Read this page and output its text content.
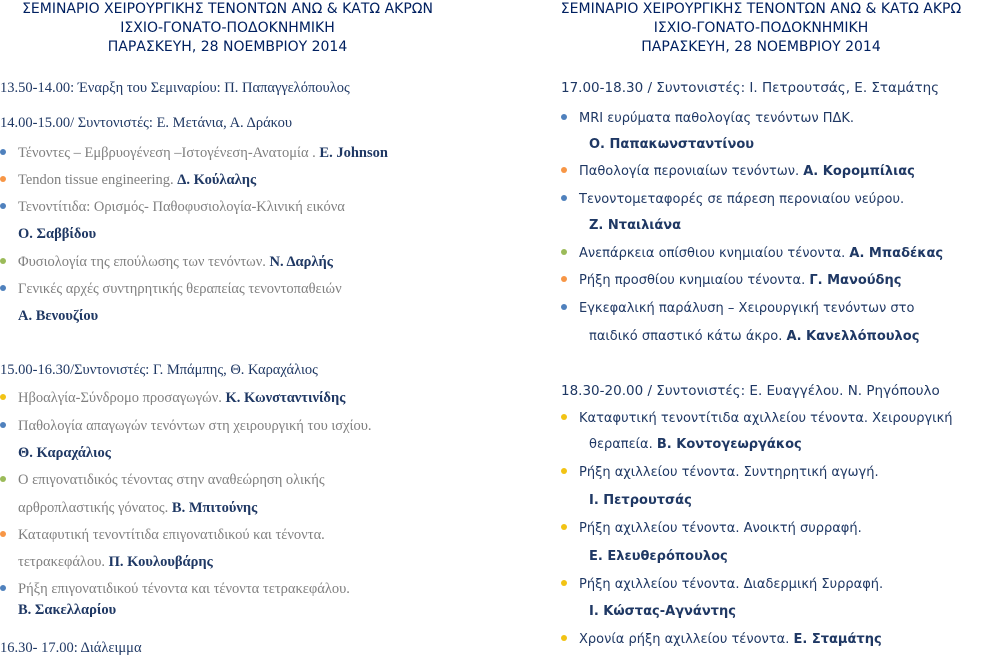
ΣΕΜΙΝΑΡΙΟ ΧΕΙΡΟΥΡΓΙΚΗΣ ΤΕΝΟΝΤΩΝ ΑΝΩ & ΚΑΤΩ ΑΚΡΩΝ
ΙΣΧΙΟ-ΓΟΝΑΤΟ-ΠΟΔΟΚΝΗΜΙΚΗ
ΠΑΡΑΣΚΕΥΗ, 28 ΝΟΕΜΒΡΙΟΥ 2014
13.50-14.00: Έναρξη του Σεμιναρίου: Π. Παπαγγελόπουλος
14.00-15.00/ Συντονιστές: Ε. Μετάνια, Α. Δράκου
Τένοντες – Εμβρυογένεση –Ιστογένεση-Ανατομία . Ε. Johnson
Tendon tissue engineering. Δ. Κούλαλης
Τενοντίτιδα: Ορισμός- Παθοφυσιολογία-Κλινική εικόνα
Ο. Σαββίδου
Φυσιολογία της επούλωσης των τενόντων. Ν. Δαρλής
Γενικές αρχές συντηρητικής θεραπείας τενοντοπαθειών
Α. Βενουζίου
15.00-16.30/Συντονιστές: Γ. Μπάμπης, Θ. Καραχάλιος
Ηβοαλγία-Σύνδρομο προσαγωγών. Κ. Κωνσταντινίδης
Παθολογία απαγωγών τενόντων στη χειρουργική του ισχίου.
Θ. Καραχάλιος
Ο επιγονατιδικός τένοντας στην αναθεώρηση ολικής
αρθροπλαστικής γόνατος. Β. Μπιτούνης
Καταφυτική τενοντίτιδα επιγονατιδικού και τένοντα.
τετρακεφάλου. Π. Κουλουβάρης
Ρήξη επιγονατιδικού τένοντα και τένοντα τετρακεφάλου.
Β. Σακελλαρίου
16.30- 17.00: Διάλειμμα
ΣΕΜΙΝΑΡΙΟ ΧΕΙΡΟΥΡΓΙΚΗΣ ΤΕΝΟΝΤΩΝ ΑΝΩ & ΚΑΤΩ ΑΚΡΩ
ΙΣΧΙΟ-ΓΟΝΑΤΟ-ΠΟΔΟΚΝΗΜΙΚΗ
ΠΑΡΑΣΚΕΥΗ, 28 ΝΟΕΜΒΡΙΟΥ 2014
17.00-18.30 / Συντονιστές: Ι. Πετρουτσάς, Ε. Σταμάτης
MRI ευρύματα παθολογίας τενόντων ΠΔΚ.
Ο. Παπακωνσταντίνου
Παθολογία περονιαίων τενόντων. Α. Κορομπίλιας
Τενοντομεταφορές σε πάρεση περονιαίου νεύρου.
Ζ. Νταιλιάνα
Ανεπάρκεια οπίσθιου κνημιαίου τένοντα. Α. Μπαδέκας
Ρήξη προσθίου κνημιαίου τένοντα. Γ. Μανούδης
Εγκεφαλική παράλυση – Χειρουργική τενόντων στο
παιδικό σπαστικό κάτω άκρο. Α. Κανελλόπουλος
18.30-20.00 / Συντονιστές: Ε. Ευαγγέλου. Ν. Ρηγόπουλο
Καταφυτική τενοντίτιδα αχιλλείου τένοντα. Χειρουργική
θεραπεία. Β. Κοντογεωργάκος
Ρήξη αχιλλείου τένοντα. Συντηρητική αγωγή.
Ι. Πετρουτσάς
Ρήξη αχιλλείου τένοντα. Ανοικτή συρραφή.
Ε. Ελευθερόπουλος
Ρήξη αχιλλείου τένοντα. Διαδερμική Συρραφή.
Ι. Κώστας-Αγνάντης
Χρονία ρήξη αχιλλείου τένοντα. Ε. Σταμάτης
